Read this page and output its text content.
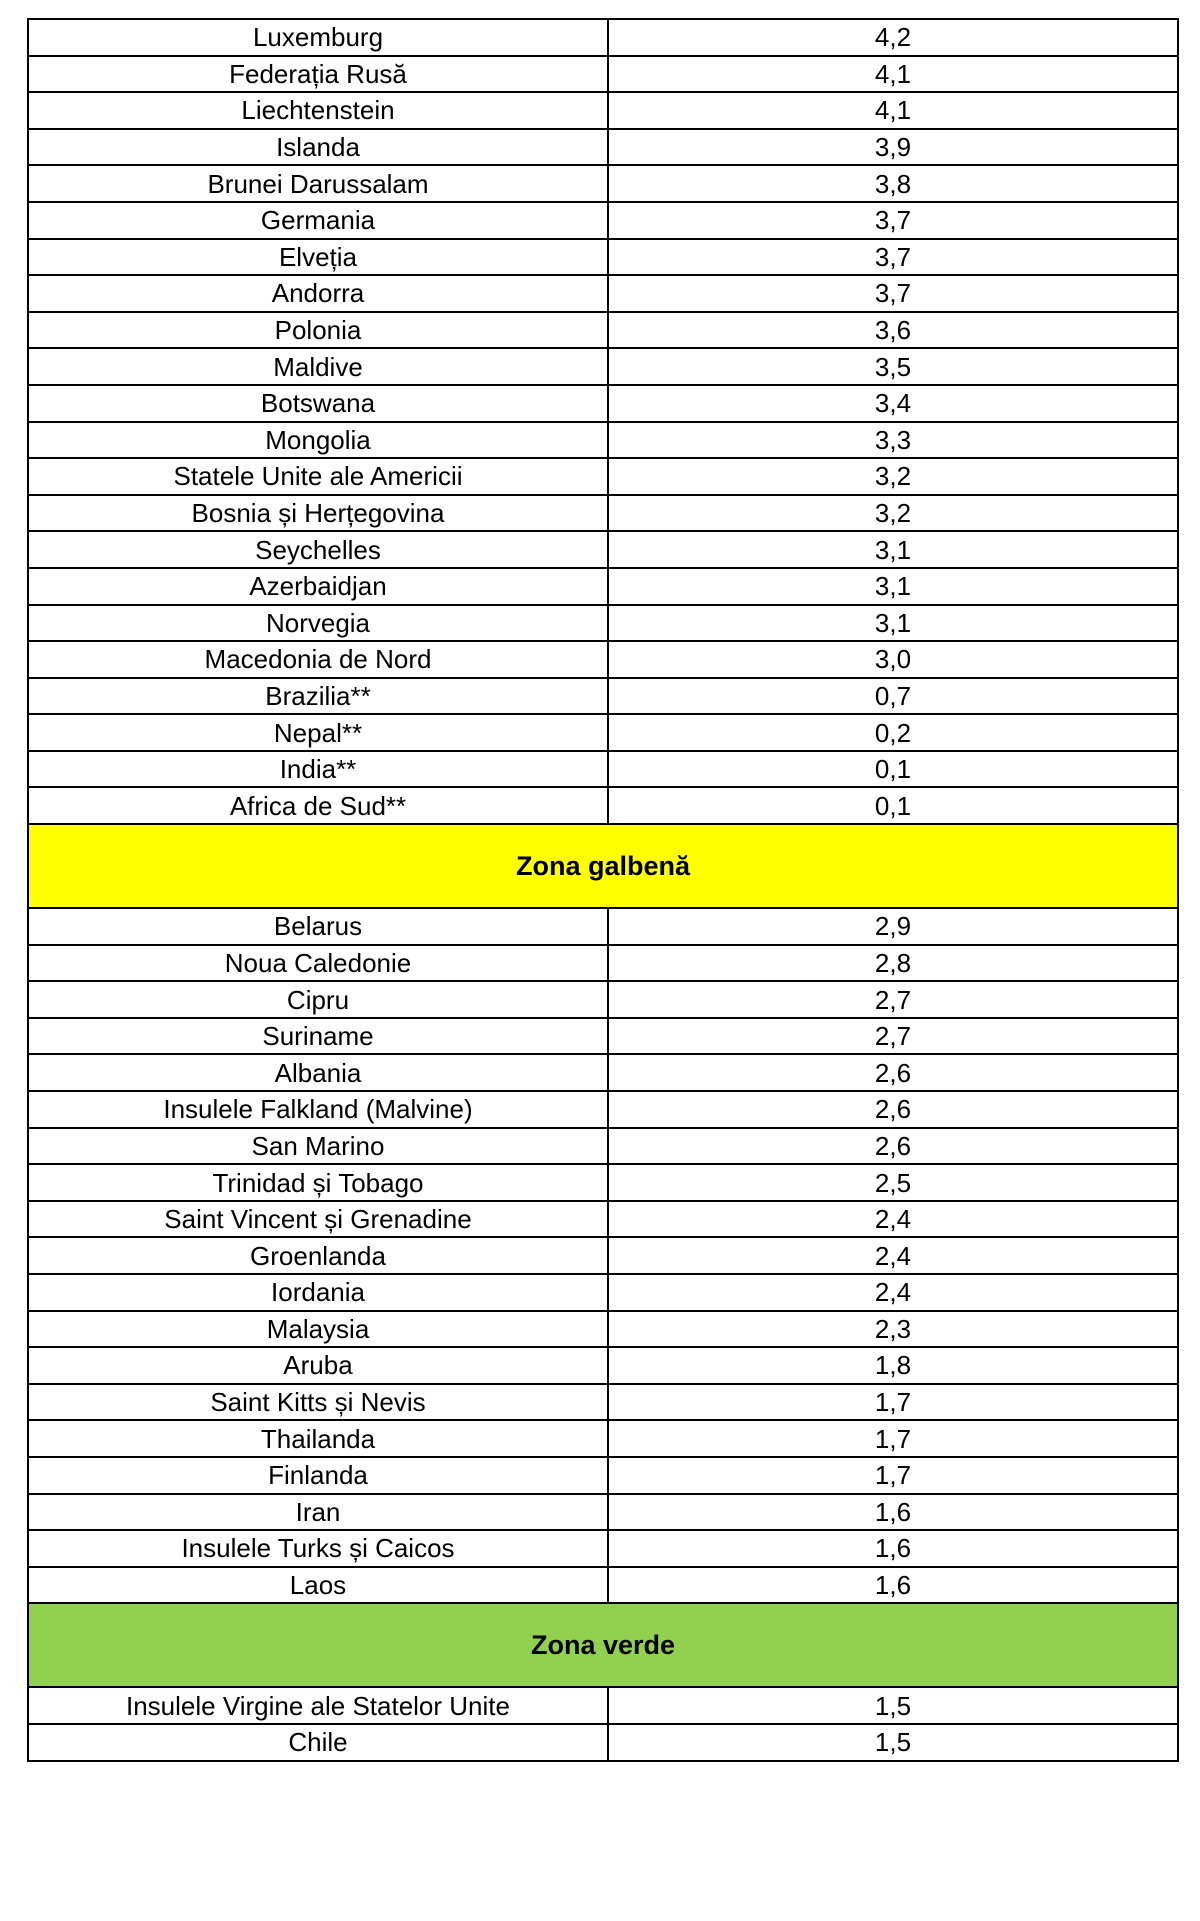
Luxemburg	4,2
Federația Rusă	4,1
Liechtenstein	4,1
Islanda	3,9
Brunei Darussalam	3,8
Germania	3,7
Elveția	3,7
Andorra	3,7
Polonia	3,6
Maldive	3,5
Botswana	3,4
Mongolia	3,3
Statele Unite ale Americii	3,2
Bosnia și Herțegovina	3,2
Seychelles	3,1
Azerbaidjan	3,1
Norvegia	3,1
Macedonia de Nord	3,0
Brazilia**	0,7
Nepal**	0,2
India**	0,1
Africa de Sud**	0,1
Zona galbenă	
Belarus	2,9
Noua Caledonie	2,8
Cipru	2,7
Suriname	2,7
Albania	2,6
Insulele Falkland (Malvine)	2,6
San Marino	2,6
Trinidad și Tobago	2,5
Saint Vincent și Grenadine	2,4
Groenlanda	2,4
Iordania	2,4
Malaysia	2,3
Aruba	1,8
Saint Kitts și Nevis	1,7
Thailanda	1,7
Finlanda	1,7
Iran	1,6
Insulele Turks și Caicos	1,6
Laos	1,6
Zona verde	
Insulele Virgine ale Statelor Unite	1,5
Chile	1,5
